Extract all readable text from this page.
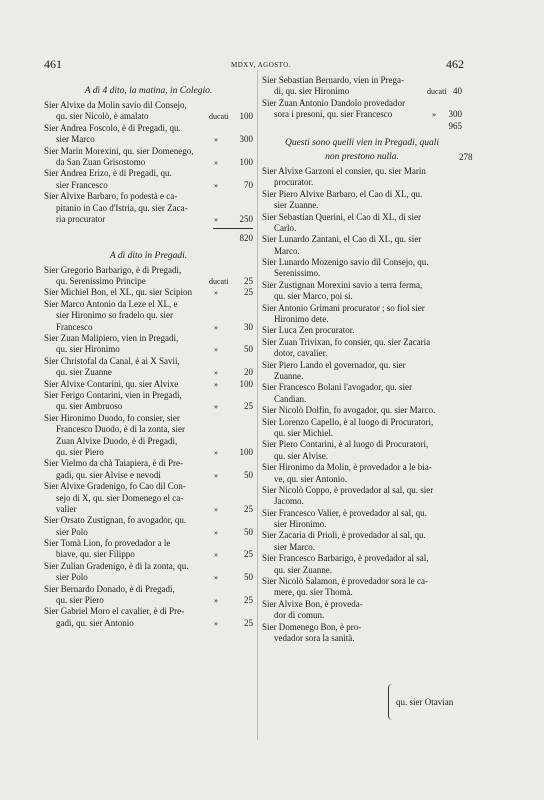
461	MDXV, AGOSTO.	462
A dì 4 dito, la matina, in Colegio.
Sier Alvixe da Molin savio dil Consejo,
qu. sier Nicolò, è amalato	ducati 100
Sier Andrea Foscolo, è di Pregadi, qu.
sier Marco	» 300
Sier Marin Morexini, qu. sier Domenego,
da San Zuan Grisostomo	» 100
Sier Andrea Erizo, è di Pregadi, qu.
sier Francesco	»	70
Sier Alvixe Barbaro, fo podestà e ca-
pitanio in Cao d'Istria, qu. sier Zaca-
ria procurator	» 250
820
A dì dito in Pregadi.
Sier Gregorio Barbarigo, è di Pregadi,
qu. Serenissimo Principe	ducati 25
Sier Michiel Bon, el XL, qu. sier Scipion	»	25
Sier Marco Antonio da Leze el XL, e
sier Hironimo so fradelo qu. sier
Francesco	»	30
Sier Zuan Malipiero, vien in Pregadi,
qu. sier Hironimo	»	50
Sier Christofal da Canal, è ai X Savii,
qu. sier Zuanne	»	20
Sier Alvixe Contarini, qu. sier Alvixe	» 100
Sier Ferigo Contarini, vien in Pregadi,
qu. sier Ambruoso	»	25
Sier Hironimo Duodo, fo consier, sier
Francesco Duodo, è di la zonta, sier
Zuan Alvixe Duodo, è di Pregadi,
qu. sier Piero	» 100
Sier Vielmo da chà Taiapiera, è di Pre-
gadi, qu. sier Alvise e nevodi	»	50
Sier Alvixe Gradenigo, fo Cao dil Con-
sejo di X, qu. sier Domenego el ca-
valier	»	25
Sier Orsato Zustignan, fo avogador, qu.
sier Polo	»	50
Sier Tomà Lion, fo provedador a le
biave, qu. sier Filippo	»	25
Sier Zulian Gradenigo, è di la zonta, qu.
sier Polo	»	50
Sier Bernardo Donado, è di Pregadi,
qu. sier Piero	»	25
Sier Gabriel Moro el cavalier, è di Pre-
gadi, qu. sier Antonio	»	25
Sier Sebastian Bernardo, vien in Prega-
di, qu. sier Hironimo	ducati 40
Sier Zuan Antonio Dandolo provedador
sora i presoni, qu. sier Francesco	» 300
965
Questi sono quelli vien in Pregadi, quali
non prestono nulla.
Sier Alvixe Garzoni el consier, qu. sier Marin
procurator.
Sier Piero Alvixe Barbaro, el Cao di XL, qu.
sier Zuanne.
Sier Sebastian Querini, el Cao di XL, di sier
Carlo.
Sier Lunardo Zantani, el Cao di XL, qu. sier
Marco.
Sier Lunardo Mozenigo savio dil Consejo, qu.
Serenissimo.
Sier Zustignan Morexini savio a terra ferma,
qu. sier Marco, poi si.
Sier Antonio Grimani procurator ; so fiol sier
Hironimo dete.
Sier Luca Zen procurator.
Sier Zuan Trivixan, fo consier, qu. sier Zacaria
dotor, cavalier.
Sier Piero Lando el governador, qu. sier
Zuanne.
Sier Francesco Bolani l'avogador, qu. sier
Candian.
Sier Nicolò Dolfin, fo avogador, qu. sier Marco.
Sier Lorenzo Capello, è al luogo di Procuratori,
qu. sier Michiel.
Sier Piero Contarini, è al luogo di Procuratori,
qu. sier Alvise.
Sier Hironimo da Molin, è provedador a le bia-
ve, qu. sier Antonio.
Sier Nicolò Coppo, è provedador al sal, qu. sier
Jacomo.
Sier Francesco Valier, è provedador al sal, qu.
sier Hironimo.
Sier Zacaria di Prioli, è provedador al sal, qu.
sier Marco.
Sier Francesco Barbarigo, è provedador al sal,
qu. sier Zuanne.
Sier Nicolò Salamon, è provedador sora le ca-
mere, qu. sier Thomà.
Sier Alvixe Bon, è proveda-
dor di comun.
Sier Domenego Bon, è pro-
vedador sora la sanità.
278
qu. sier Otavian
